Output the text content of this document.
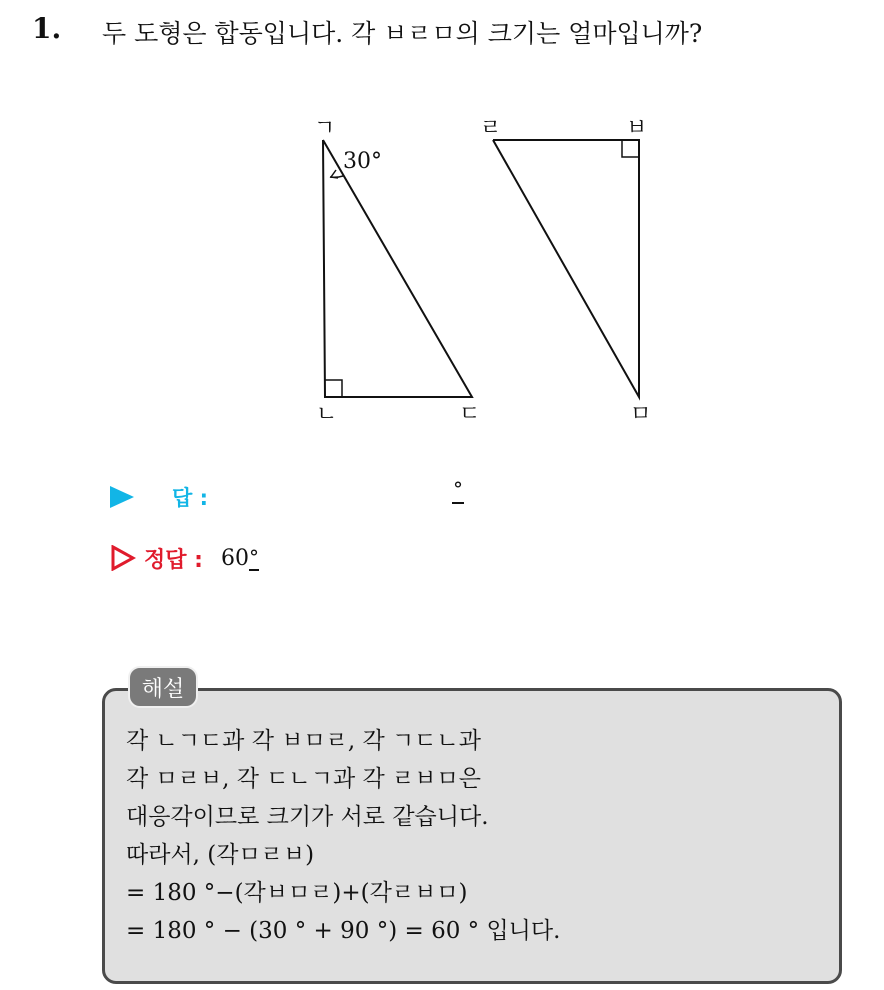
1. 두 도형은 합동입니다. 각 ㅂㄹㅁ의 크기는 얼마입니까?
30°
ㄱ
ㄴ	ㄷ
ㄹ	ㅂ
ㅁ
답 :	°
정답 : 60 °
해설
각 ㄴㄱㄷ과 각 ㅂㅁㄹ, 각 ㄱㄷㄴ과
각 ㅁㄹㅂ, 각 ㄷㄴㄱ과 각 ㄹㅂㅁ은
대응각이므로 크기가 서로 같습니다.
따라서, (각ㅁㄹㅂ)
= 180 °−(각ㅂㅁㄹ)+(각ㄹㅂㅁ)
= 180 ° − (30 ° + 90 °) = 60 ° 입니다.
